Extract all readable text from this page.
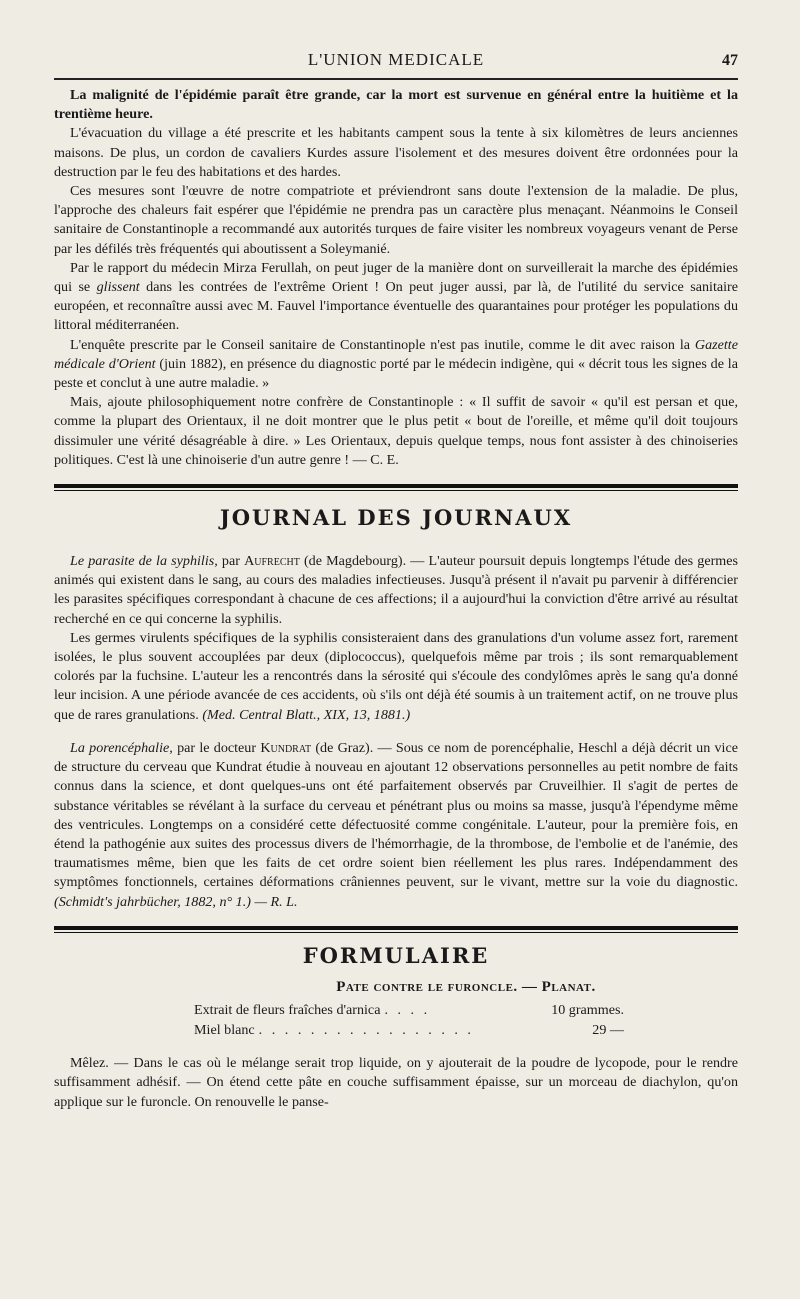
L'UNION MEDICALE	47

La malignité de l'épidémie paraît être grande, car la mort est survenue en général entre la huitième et la trentième heure.

L'évacuation du village a été prescrite et les habitants campent sous la tente à six kilomètres de leurs anciennes maisons. De plus, un cordon de cavaliers Kurdes assure l'isolement et des mesures doivent être ordonnées pour la destruction par le feu des habitations et des hardes.

Ces mesures sont l'œuvre de notre compatriote et préviendront sans doute l'extension de la maladie. De plus, l'approche des chaleurs fait espérer que l'épidémie ne prendra pas un caractère plus menaçant. Néanmoins le Conseil sanitaire de Constantinople a recommandé aux autorités turques de faire visiter les nombreux voyageurs venant de Perse par les défilés très fréquentés qui aboutissent a Soleymanié.

Par le rapport du médecin Mirza Ferullah, on peut juger de la manière dont on surveillerait la marche des épidémies qui se glissent dans les contrées de l'extrême Orient ! On peut juger aussi, par là, de l'utilité du service sanitaire européen, et reconnaître aussi avec M. Fauvel l'importance éventuelle des quarantaines pour protéger les populations du littoral méditerranéen.

L'enquête prescrite par le Conseil sanitaire de Constantinople n'est pas inutile, comme le dit avec raison la Gazette médicale d'Orient (juin 1882), en présence du diagnostic porté par le médecin indigène, qui « décrit tous les signes de la peste et conclut à une autre maladie. »

Mais, ajoute philosophiquement notre confrère de Constantinople : « Il suffit de savoir « qu'il est persan et que, comme la plupart des Orientaux, il ne doit montrer que le plus petit « bout de l'oreille, et même qu'il doit toujours dissimuler une vérité désagréable à dire. » Les Orientaux, depuis quelque temps, nous font assister à des chinoiseries politiques. C'est là une chinoiserie d'un autre genre ! — C. E.

JOURNAL DES JOURNAUX

Le parasite de la syphilis, par Aufrecht (de Magdebourg). — L'auteur poursuit depuis longtemps l'étude des germes animés qui existent dans le sang, au cours des maladies infectieuses. Jusqu'à présent il n'avait pu parvenir à différencier les parasites spécifiques correspondant à chacune de ces affections; il a aujourd'hui la conviction d'être arrivé au résultat recherché en ce qui concerne la syphilis.

Les germes virulents spécifiques de la syphilis consisteraient dans des granulations d'un volume assez fort, rarement isolées, le plus souvent accouplées par deux (diplococcus), quelquefois même par trois ; ils sont remarquablement colorés par la fuchsine. L'auteur les a rencontrés dans la sérosité qui s'écoule des condylômes après le sang qu'a donné leur incision. A une période avancée de ces accidents, où s'ils ont déjà été soumis à un traitement actif, on ne trouve plus que de rares granulations. (Med. Central Blatt., XIX, 13, 1881.)

La porencéphalie, par le docteur Kundrat (de Graz). — Sous ce nom de porencéphalie, Heschl a déjà décrit un vice de structure du cerveau que Kundrat étudie à nouveau en ajoutant 12 observations personnelles au petit nombre de faits connus dans la science, et dont quelques-uns ont été parfaitement observés par Cruveilhier. Il s'agit de pertes de substance véritables se révélant à la surface du cerveau et pénétrant plus ou moins sa masse, jusqu'à l'épendyme même des ventricules. Longtemps on a considéré cette défectuosité comme congénitale. L'auteur, pour la première fois, en étend la pathogénie aux suites des processus divers de l'hémorrhagie, de la thrombose, de l'embolie et de l'anémie, des traumatismes même, bien que les faits de cet ordre soient bien réellement les plus rares. Indépendamment des symptômes fonctionnels, certaines déformations crâniennes peuvent, sur le vivant, mettre sur la voie du diagnostic. (Schmidt's jahrbücher, 1882, n° 1.) — R. L.

FORMULAIRE
Pate contre le furoncle. — Planat.
Extrait de fleurs fraîches d'arnica . . . .	10 grammes.
Miel blanc . . . . . . . . . . . . . . . . .	29 —

Mêlez. — Dans le cas où le mélange serait trop liquide, on y ajouterait de la poudre de lycopode, pour le rendre suffisamment adhésif. — On étend cette pâte en couche suffisamment épaisse, sur un morceau de diachylon, qu'on applique sur le furoncle. On renouvelle le panse-
